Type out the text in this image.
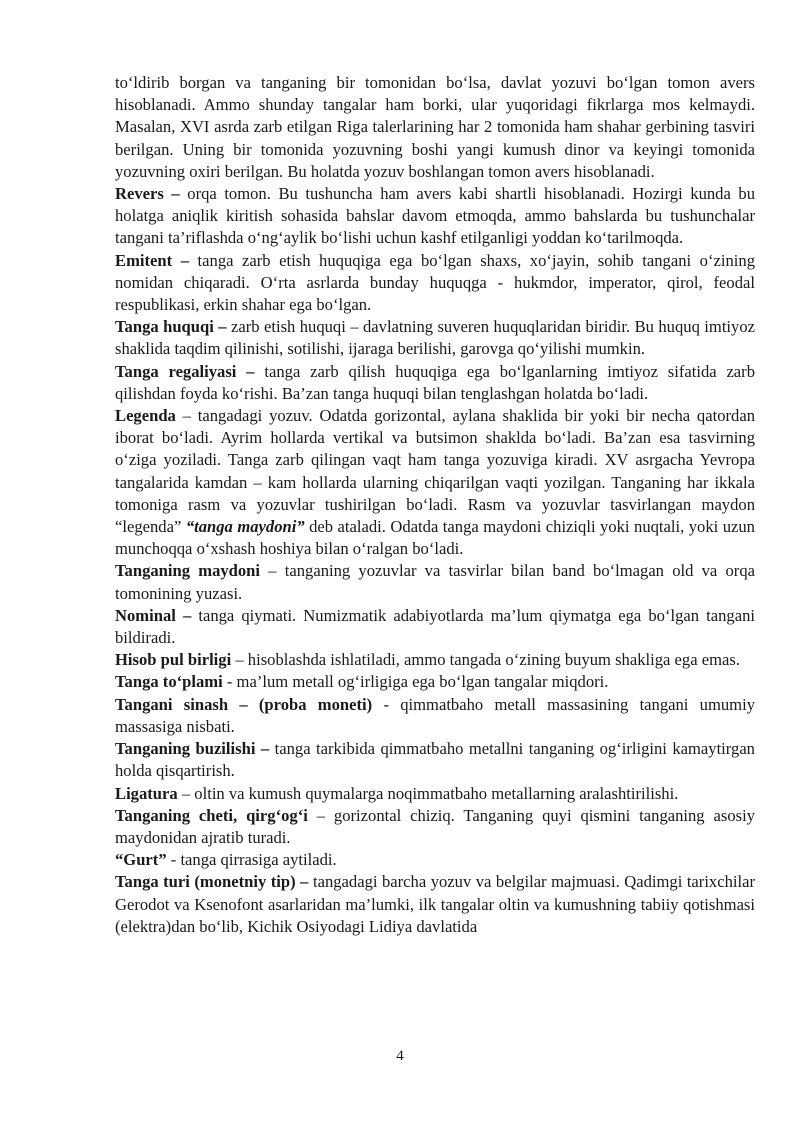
to‘ldirib borgan va tanganing bir tomonidan bo‘lsa, davlat yozuvi bo‘lgan tomon avers hisoblanadi. Ammo shunday tangalar ham borki, ular yuqoridagi fikrlarga mos kelmaydi. Masalan, XVI asrda zarb etilgan Riga talerlarining har 2 tomonida ham shahar gerbining tasviri berilgan. Uning bir tomonida yozuvning boshi yangi kumush dinor va keyingi tomonida yozuvning oxiri berilgan. Bu holatda yozuv boshlangan tomon avers hisoblanadi.

Revers – orqa tomon. Bu tushuncha ham avers kabi shartli hisoblanadi. Hozirgi kunda bu holatga aniqlik kiritish sohasida bahslar davom etmoqda, ammo bahslarda bu tushunchalar tangani ta’riflashda o‘ng‘aylik bo‘lishi uchun kashf etilganligi yoddan ko‘tarilmoqda.

Emitent – tanga zarb etish huquqiga ega bo‘lgan shaxs, xo‘jayin, sohib tangani o‘zining nomidan chiqaradi. O‘rta asrlarda bunday huquqga - hukmdor, imperator, qirol, feodal respublikasi, erkin shahar ega bo‘lgan.

Tanga huquqi – zarb etish huquqi – davlatning suveren huquqlaridan biridir. Bu huquq imtiyoz shaklida taqdim qilinishi, sotilishi, ijaraga berilishi, garovga qo‘yilishi mumkin.

Tanga regaliyasi – tanga zarb qilish huquqiga ega bo‘lganlarning imtiyoz sifatida zarb qilishdan foyda ko‘rishi. Ba’zan tanga huquqi bilan tenglashgan holatda bo‘ladi.

Legenda – tangadagi yozuv. Odatda gorizontal, aylana shaklida bir yoki bir necha qatordan iborat bo‘ladi. Ayrim hollarda vertikal va butsimon shaklda bo‘ladi. Ba’zan esa tasvirning o‘ziga yoziladi. Tanga zarb qilingan vaqt ham tanga yozuviga kiradi. XV asrgacha Yevropa tangalarida kamdan – kam hollarda ularning chiqarilgan vaqti yozilgan. Tanganing har ikkala tomoniga rasm va yozuvlar tushirilgan bo‘ladi. Rasm va yozuvlar tasvirlangan maydon “legenda” “tanga maydoni” deb ataladi. Odatda tanga maydoni chiziqli yoki nuqtali, yoki uzun munchoqqa o‘xshash hoshiya bilan o‘ralgan bo‘ladi.

Tanganing maydoni – tanganing yozuvlar va tasvirlar bilan band bo‘lmagan old va orqa tomonining yuzasi.

Nominal – tanga qiymati. Numizmatik adabiyotlarda ma’lum qiymatga ega bo‘lgan tangani bildiradi.

Hisob pul birligi – hisoblashda ishlatiladi, ammo tangada o‘zining buyum shakliga ega emas.

Tanga to‘plami - ma’lum metall og‘irligiga ega bo‘lgan tangalar miqdori.

Tangani sinash – (proba moneti) - qimmatbaho metall massasining tangani umumiy massasiga nisbati.

Tanganing buzilishi – tanga tarkibida qimmatbaho metallni tanganing og‘irligini kamaytirgan holda qisqartirish.

Ligatura – oltin va kumush quymalarga noqimmatbaho metallarning aralashtirilishi.

Tanganing cheti, qirg‘og‘i – gorizontal chiziq. Tanganing quyi qismini tanganing asosiy maydonidan ajratib turadi.

“Gurt” - tanga qirrasiga aytiladi.

Tanga turi (monetniy tip) – tangadagi barcha yozuv va belgilar majmuasi. Qadimgi tarixchilar Gerodot va Ksenofont asarlaridan ma’lumki, ilk tangalar oltin va kumushning tabiiy qotishmasi (elektra)dan bo‘lib, Kichik Osiyodagi Lidiya davlatida

4
